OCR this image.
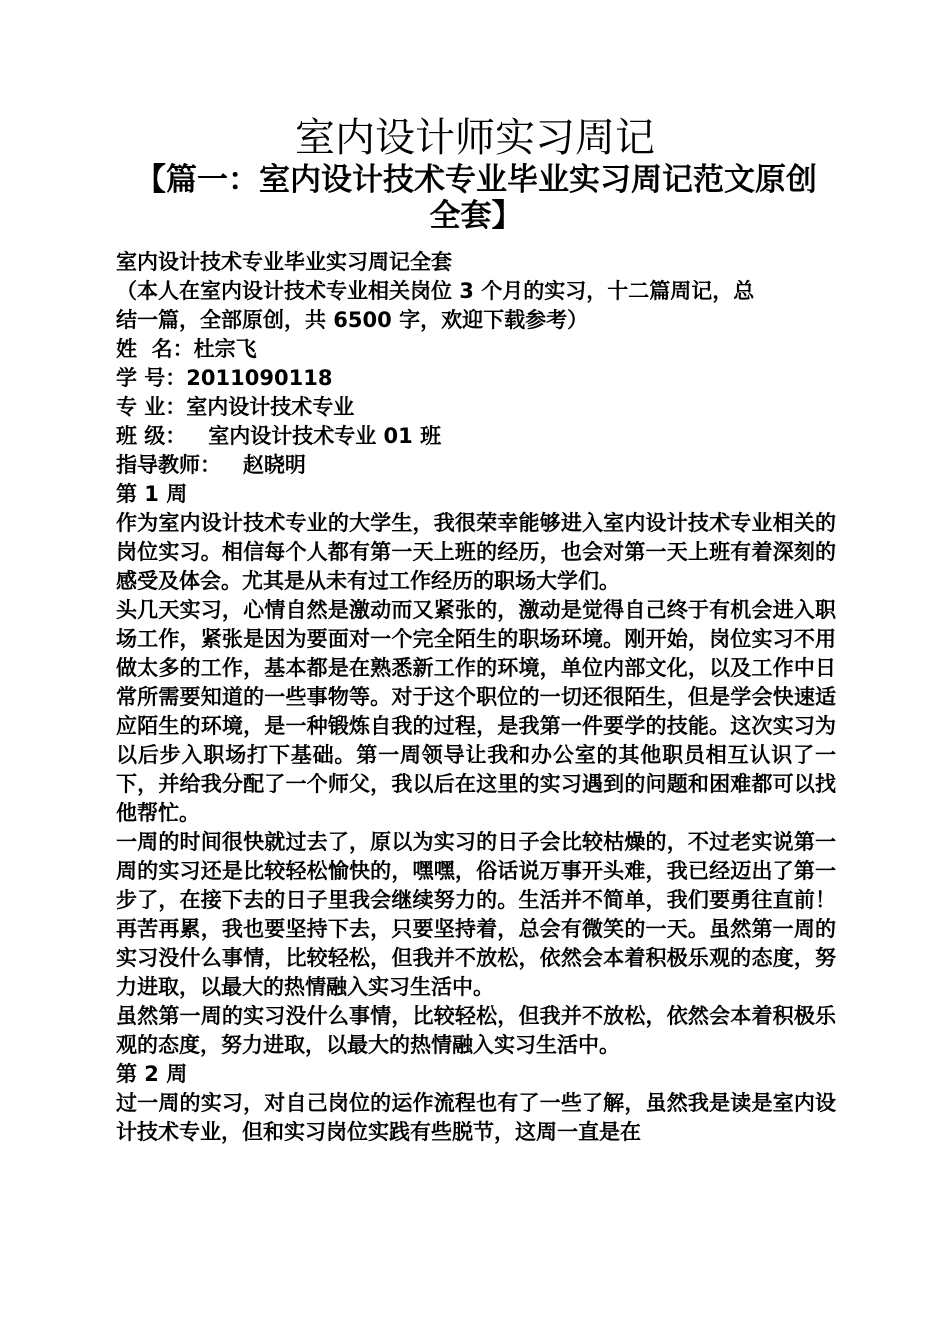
室内设计师实习周记
【篇一：室内设计技术专业毕业实习周记范文原创全套】
室内设计技术专业毕业实习周记全套
（本人在室内设计技术专业相关岗位 3 个月的实习，十二篇周记，总
结一篇，全部原创，共 6500 字，欢迎下载参考）
姓  名：杜宗飞
学 号：2011090118
专 业：室内设计技术专业
班 级：   室内设计技术专业 01 班
指导教师：   赵晓明
第 1 周

作为室内设计技术专业的大学生，我很荣幸能够进入室内设计技术专业相关的岗位实习。相信每个人都有第一天上班的经历，也会对第一天上班有着深刻的感受及体会。尤其是从未有过工作经历的职场大学们。

头几天实习，心情自然是激动而又紧张的，激动是觉得自己终于有机会进入职场工作，紧张是因为要面对一个完全陌生的职场环境。刚开始，岗位实习不用做太多的工作，基本都是在熟悉新工作的环境，单位内部文化，以及工作中日常所需要知道的一些事物等。对于这个职位的一切还很陌生，但是学会快速适应陌生的环境，是一种锻炼自我的过程，是我第一件要学的技能。这次实习为以后步入职场打下基础。第一周领导让我和办公室的其他职员相互认识了一下，并给我分配了一个师父，我以后在这里的实习遇到的问题和困难都可以找他帮忙。

一周的时间很快就过去了，原以为实习的日子会比较枯燥的，不过老实说第一周的实习还是比较轻松愉快的，嘿嘿，俗话说万事开头难，我已经迈出了第一步了，在接下去的日子里我会继续努力的。生活并不简单，我们要勇往直前！再苦再累，我也要坚持下去，只要坚持着，总会有微笑的一天。虽然第一周的实习没什么事情，比较轻松，但我并不放松，依然会本着积极乐观的态度，努力进取，以最大的热情融入实习生活中。

虽然第一周的实习没什么事情，比较轻松，但我并不放松，依然会本着积极乐观的态度，努力进取，以最大的热情融入实习生活中。

第 2 周

过一周的实习，对自己岗位的运作流程也有了一些了解，虽然我是读是室内设计技术专业，但和实习岗位实践有些脱节，这周一直是在
